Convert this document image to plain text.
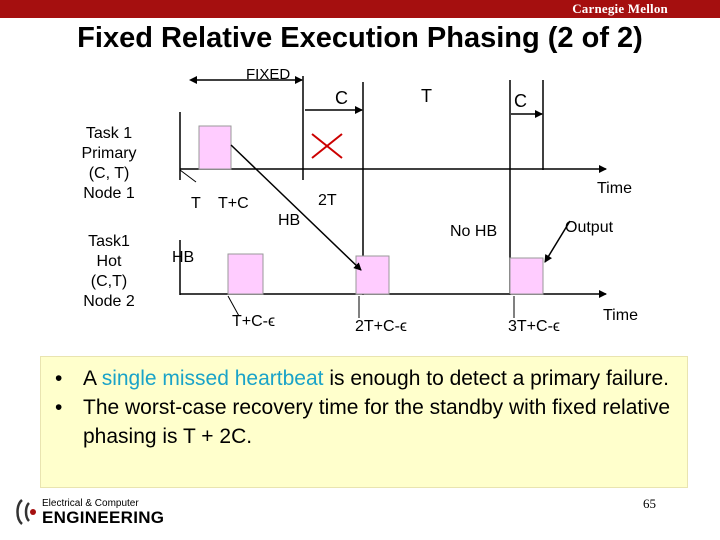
Carnegie Mellon
Fixed Relative Execution Phasing (2 of 2)
Task 1
Primary
(C, T)
Node 1
Task1
Hot
(C,T)
Node 2
FIXED
C	T	C
T T+C	2T
Time
HB
No HB	Output
HB
Time
T+C-ϵ	2T+C-ϵ	3T+C-ϵ
• A single missed heartbeat is enough to detect a primary failure.
• The worst-case recovery time for the standby with fixed relative phasing is T + 2C.
Electrical & Computer
ENGINEERING
65
